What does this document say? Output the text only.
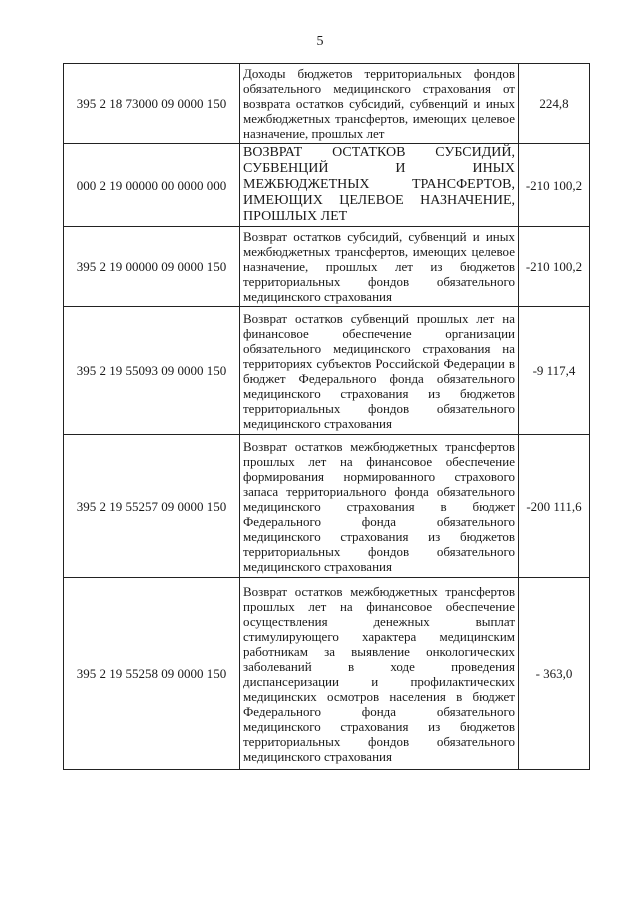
5
395 2 18 73000 09 0000 150	Доходы бюджетов территориальных фондов обязательного медицинского страхования от возврата остатков субсидий, субвенций и иных межбюджетных трансфертов, имеющих целевое назначение, прошлых лет	224,8
000 2 19 00000 00 0000 000	ВОЗВРАТ ОСТАТКОВ СУБСИДИЙ, СУБВЕНЦИЙ И ИНЫХ МЕЖБЮДЖЕТНЫХ ТРАНСФЕРТОВ, ИМЕЮЩИХ ЦЕЛЕВОЕ НАЗНАЧЕНИЕ, ПРОШЛЫХ ЛЕТ	-210 100,2
395 2 19 00000 09 0000 150	Возврат остатков субсидий, субвенций и иных межбюджетных трансфертов, имеющих целевое назначение, прошлых лет из бюджетов территориальных фондов обязательного медицинского страхования	-210 100,2
395 2 19 55093 09 0000 150	Возврат остатков субвенций прошлых лет на финансовое обеспечение организации обязательного медицинского страхования на территориях субъектов Российской Федерации в бюджет Федерального фонда обязательного медицинского страхования из бюджетов территориальных фондов обязательного медицинского страхования	-9 117,4
395 2 19 55257 09 0000 150	Возврат остатков межбюджетных трансфертов прошлых лет на финансовое обеспечение формирования нормированного страхового запаса территориального фонда обязательного медицинского страхования в бюджет Федерального фонда обязательного медицинского страхования из бюджетов территориальных фондов обязательного медицинского страхования	-200 111,6
395 2 19 55258 09 0000 150	Возврат остатков межбюджетных трансфертов прошлых лет на финансовое обеспечение осуществления денежных выплат стимулирующего характера медицинским работникам за выявление онкологических заболеваний в ходе проведения диспансеризации и профилактических медицинских осмотров населения в бюджет Федерального фонда обязательного медицинского страхования из бюджетов территориальных фондов обязательного медицинского страхования	- 363,0
